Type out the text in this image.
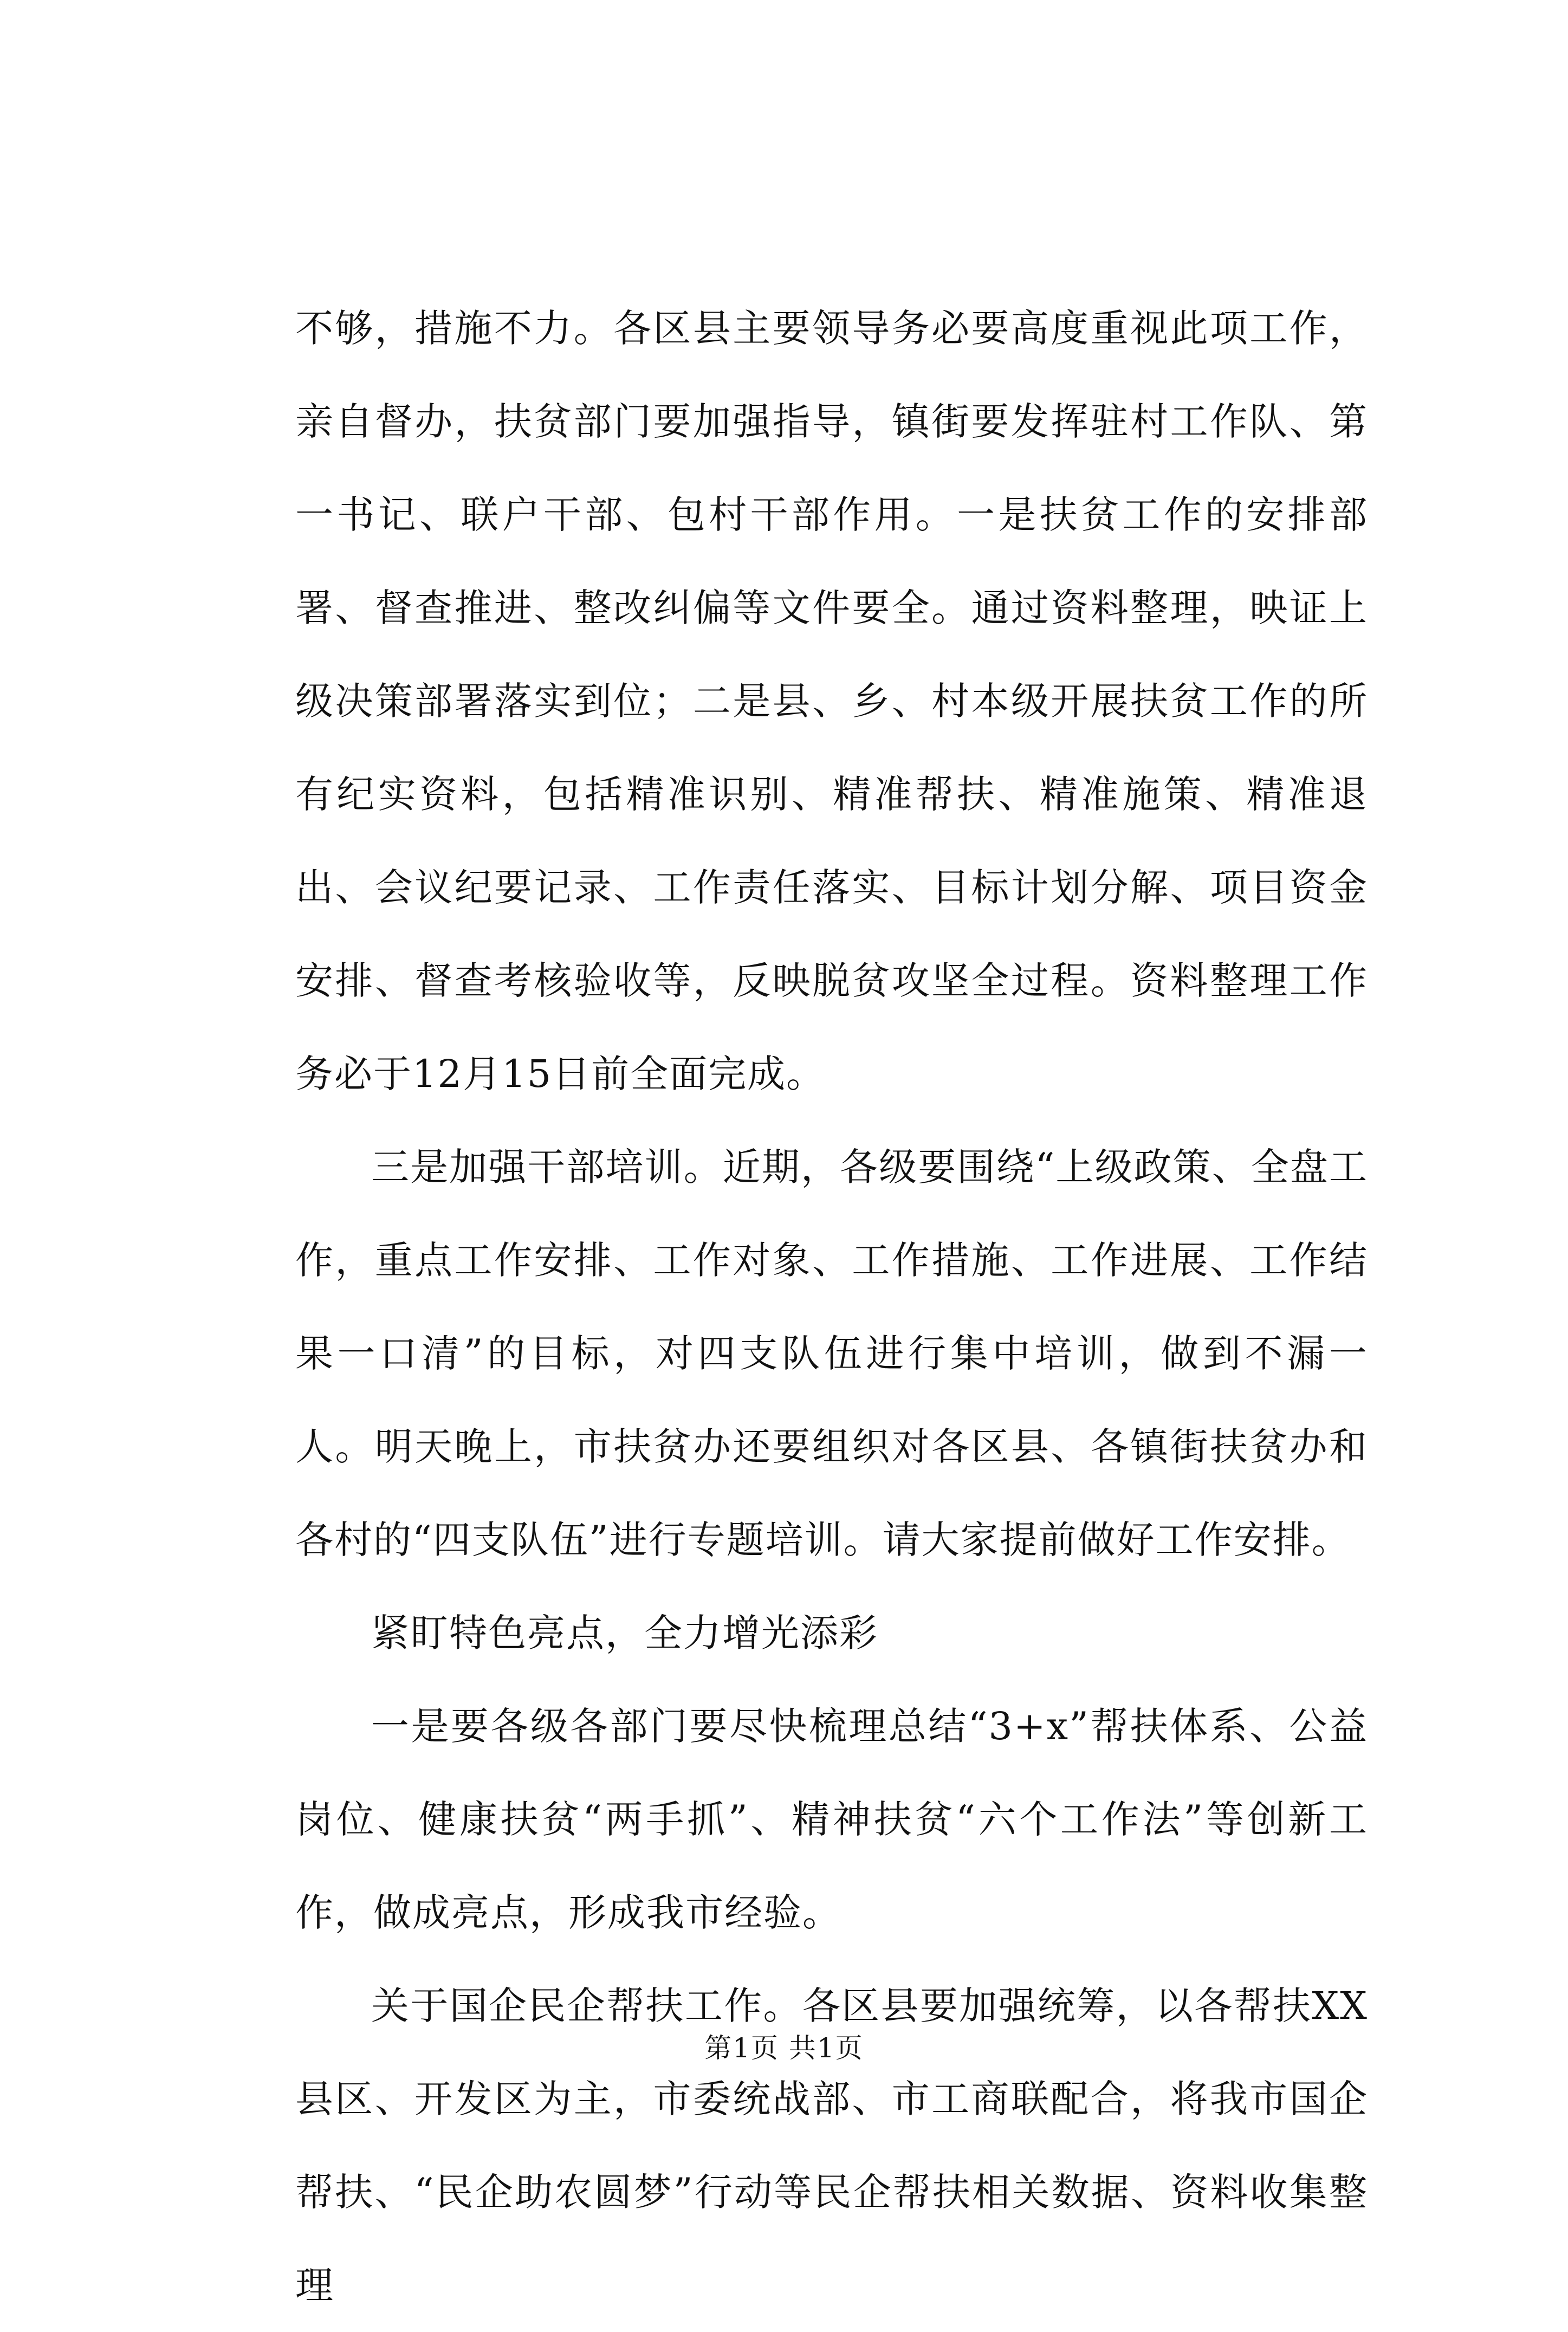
不够，措施不力。各区县主要领导务必要高度重视此项工作，亲自督办，扶贫部门要加强指导，镇街要发挥驻村工作队、第一书记、联户干部、包村干部作用。一是扶贫工作的安排部署、督查推进、整改纠偏等文件要全。通过资料整理，映证上级决策部署落实到位；二是县、乡、村本级开展扶贫工作的所有纪实资料，包括精准识别、精准帮扶、精准施策、精准退出、会议纪要记录、工作责任落实、目标计划分解、项目资金安排、督查考核验收等，反映脱贫攻坚全过程。资料整理工作务必于12月15日前全面完成。

三是加强干部培训。近期，各级要围绕“上级政策、全盘工作，重点工作安排、工作对象、工作措施、工作进展、工作结果一口清”的目标，对四支队伍进行集中培训，做到不漏一人。明天晚上，市扶贫办还要组织对各区县、各镇街扶贫办和各村的“四支队伍”进行专题培训。请大家提前做好工作安排。

紧盯特色亮点，全力增光添彩

一是要各级各部门要尽快梳理总结“3+x”帮扶体系、公益岗位、健康扶贫“两手抓”、精神扶贫“六个工作法”等创新工作，做成亮点，形成我市经验。

关于国企民企帮扶工作。各区县要加强统筹，以各帮扶XX县区、开发区为主，市委统战部、市工商联配合，将我市国企帮扶、“民企助农圆梦”行动等民企帮扶相关数据、资料收集整理

第1页 共1页
